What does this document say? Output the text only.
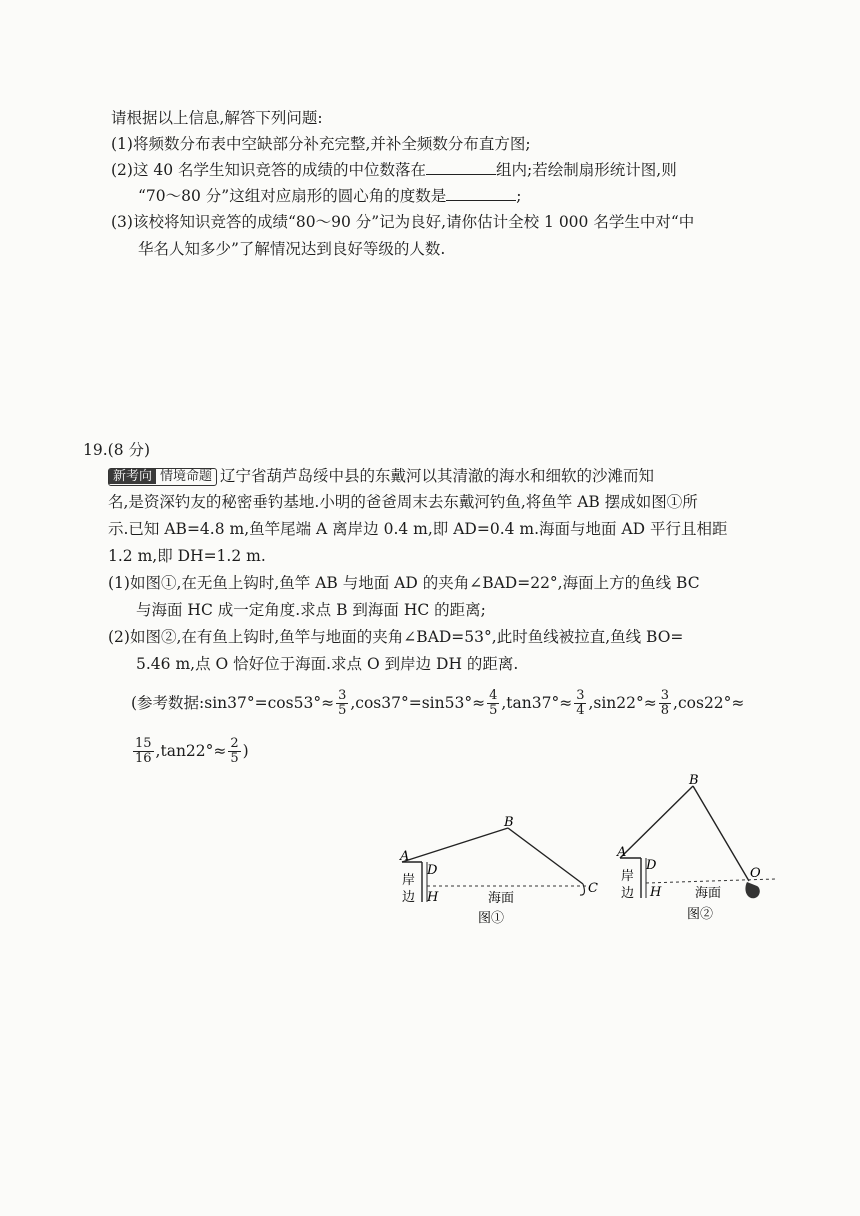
请根据以上信息,解答下列问题:
(1)将频数分布表中空缺部分补充完整,并补全频数分布直方图;
(2)这 40 名学生知识竞答的成绩的中位数落在	组内;若绘制扇形统计图,则
“70～80 分”这组对应扇形的圆心角的度数是	;
(3)该校将知识竞答的成绩“80～90 分”记为良好,请你估计全校 1 000 名学生中对“中
华名人知多少”了解情况达到良好等级的人数.
19.(8 分)
新考向 情境命题 辽宁省葫芦岛绥中县的东戴河以其清澈的海水和细软的沙滩而知
名,是资深钓友的秘密垂钓基地.小明的爸爸周末去东戴河钓鱼,将鱼竿 AB 摆成如图①所
示.已知 AB=4.8 m,鱼竿尾端 A 离岸边 0.4 m,即 AD=0.4 m.海面与地面 AD 平行且相距
1.2 m,即 DH=1.2 m.
(1)如图①,在无鱼上钩时,鱼竿 AB 与地面 AD 的夹角∠BAD=22°,海面上方的鱼线 BC
与海面 HC 成一定角度.求点 B 到海面 HC 的距离;
(2)如图②,在有鱼上钩时,鱼竿与地面的夹角∠BAD=53°,此时鱼线被拉直,鱼线 BO=
5.46 m,点 O 恰好位于海面.求点 O 到岸边 DH 的距离.
(参考数据:sin37°=cos53°≈ $\frac{3}{5} ,\cos 37^\circ=\sin 53^\circ\approx \frac{4}{5} ,\tan 37^\circ\approx \frac{3}{4} ,\sin 22^\circ\approx \frac{3}{8} ,\cos 22^\circ\approx$
$\frac{15}{16} ,\tan 22^\circ\approx \frac{2}{5}$ )
A
B
C
D
H
岸
边	海面
图①
A
B
O
D
H
岸
边	海面
图②
